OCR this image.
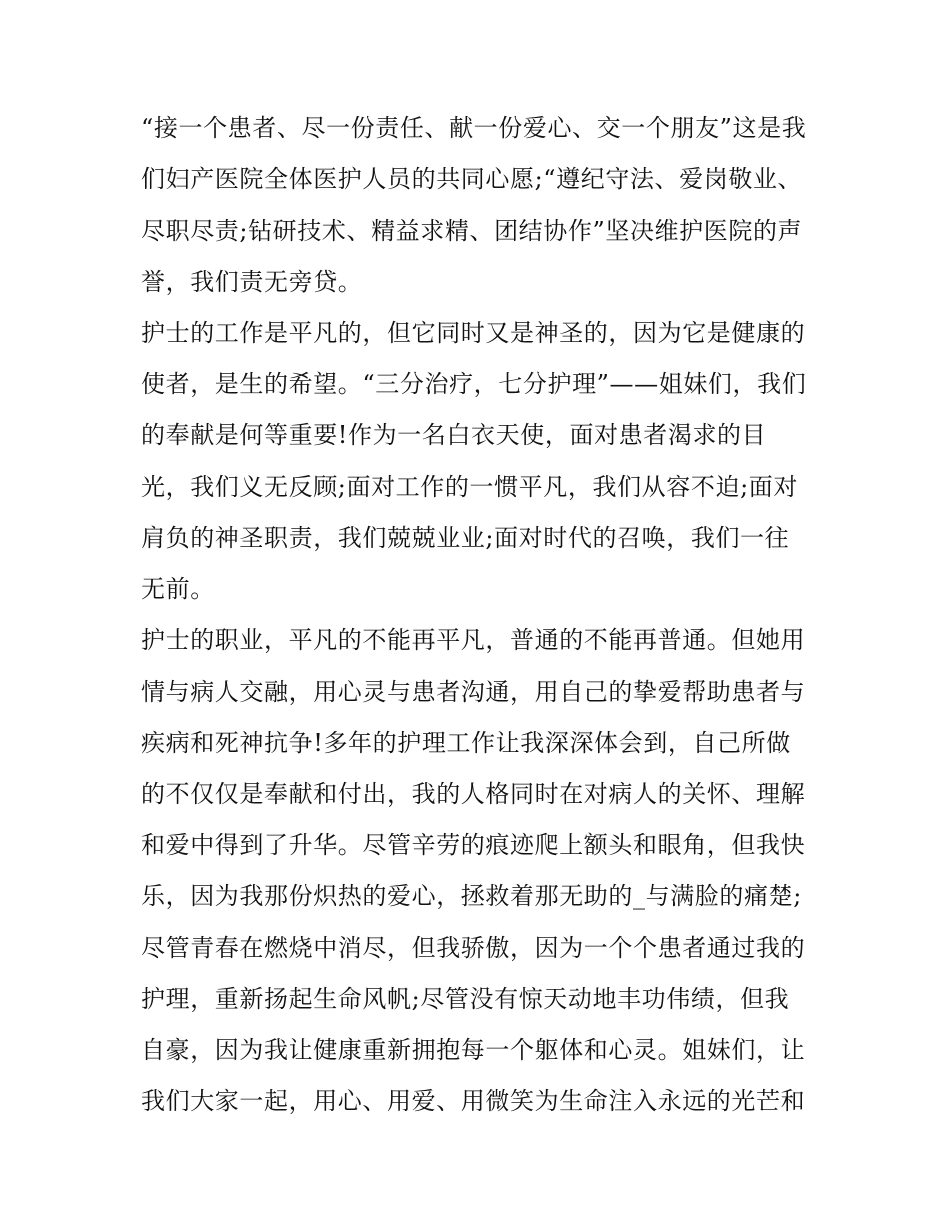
“接一个患者、尽一份责任、献一份爱心、交一个朋友”这是我
们妇产医院全体医护人员的共同心愿;“遵纪守法、爱岗敬业、
尽职尽责;钻研技术、精益求精、团结协作”坚决维护医院的声
誉，我们责无旁贷。
护士的工作是平凡的，但它同时又是神圣的，因为它是健康的
使者，是生的希望。“三分治疗，七分护理”——姐妹们，我们
的奉献是何等重要!作为一名白衣天使，面对患者渴求的目
光，我们义无反顾;面对工作的一惯平凡，我们从容不迫;面对
肩负的神圣职责，我们兢兢业业;面对时代的召唤，我们一往
无前。
护士的职业，平凡的不能再平凡，普通的不能再普通。但她用
情与病人交融，用心灵与患者沟通，用自己的挚爱帮助患者与
疾病和死神抗争!多年的护理工作让我深深体会到，自己所做
的不仅仅是奉献和付出，我的人格同时在对病人的关怀、理解
和爱中得到了升华。尽管辛劳的痕迹爬上额头和眼角，但我快
乐，因为我那份炽热的爱心，拯救着那无助的_与满脸的痛楚;
尽管青春在燃烧中消尽，但我骄傲，因为一个个患者通过我的
护理，重新扬起生命风帆;尽管没有惊天动地丰功伟绩，但我
自豪，因为我让健康重新拥抱每一个躯体和心灵。姐妹们，让
我们大家一起，用心、用爱、用微笑为生命注入永远的光芒和
